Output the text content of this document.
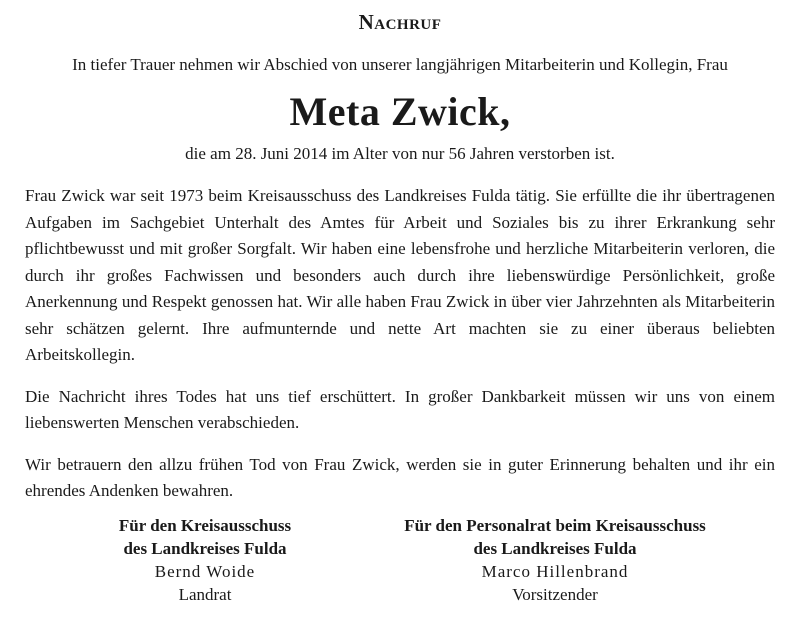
Nachruf
In tiefer Trauer nehmen wir Abschied von unserer langjährigen Mitarbeiterin und Kollegin, Frau
Meta Zwick,
die am 28. Juni 2014 im Alter von nur 56 Jahren verstorben ist.

Frau Zwick war seit 1973 beim Kreisausschuss des Landkreises Fulda tätig. Sie erfüllte die ihr übertragenen Aufgaben im Sachgebiet Unterhalt des Amtes für Arbeit und Soziales bis zu ihrer Erkrankung sehr pflichtbewusst und mit großer Sorgfalt. Wir haben eine lebensfrohe und herzliche Mitarbeiterin verloren, die durch ihr großes Fachwissen und besonders auch durch ihre liebenswürdige Persönlichkeit, große Anerkennung und Respekt genossen hat. Wir alle haben Frau Zwick in über vier Jahrzehnten als Mitarbeiterin sehr schätzen gelernt. Ihre aufmunternde und nette Art machten sie zu einer überaus beliebten Arbeitskollegin.

Die Nachricht ihres Todes hat uns tief erschüttert. In großer Dankbarkeit müssen wir uns von einem liebenswerten Menschen verabschieden.

Wir betrauern den allzu frühen Tod von Frau Zwick, werden sie in guter Erinnerung behalten und ihr ein ehrendes Andenken bewahren.

Für den Kreisausschuss
des Landkreises Fulda
Bernd Woide
Landrat
Für den Personalrat beim Kreisausschuss
des Landkreises Fulda
Marco Hillenbrand
Vorsitzender
